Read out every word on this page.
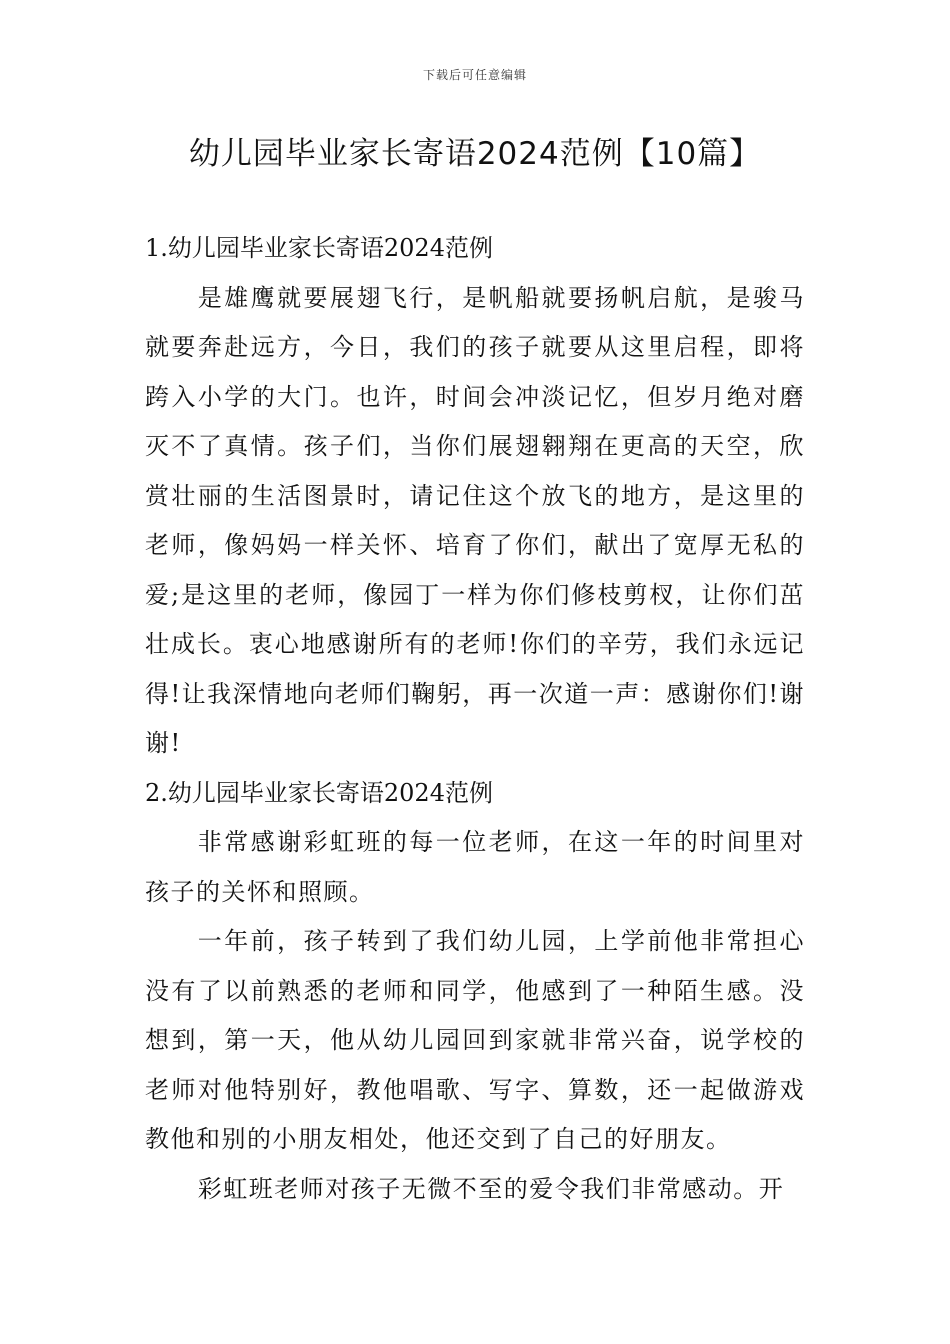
下载后可任意编辑
幼儿园毕业家长寄语2024范例【10篇】
1.幼儿园毕业家长寄语2024范例

是雄鹰就要展翅飞行，是帆船就要扬帆启航，是骏马就要奔赴远方，今日，我们的孩子就要从这里启程，即将跨入小学的大门。也许，时间会冲淡记忆，但岁月绝对磨灭不了真情。孩子们，当你们展翅翱翔在更高的天空，欣赏壮丽的生活图景时，请记住这个放飞的地方，是这里的老师，像妈妈一样关怀、培育了你们，献出了宽厚无私的爱;是这里的老师，像园丁一样为你们修枝剪杈，让你们茁壮成长。衷心地感谢所有的老师!你们的辛劳，我们永远记得!让我深情地向老师们鞠躬，再一次道一声：感谢你们!谢谢!

2.幼儿园毕业家长寄语2024范例

非常感谢彩虹班的每一位老师，在这一年的时间里对孩子的关怀和照顾。

一年前，孩子转到了我们幼儿园，上学前他非常担心没有了以前熟悉的老师和同学，他感到了一种陌生感。没想到，第一天，他从幼儿园回到家就非常兴奋，说学校的老师对他特别好，教他唱歌、写字、算数，还一起做游戏教他和别的小朋友相处，他还交到了自己的好朋友。

彩虹班老师对孩子无微不至的爱令我们非常感动。开
